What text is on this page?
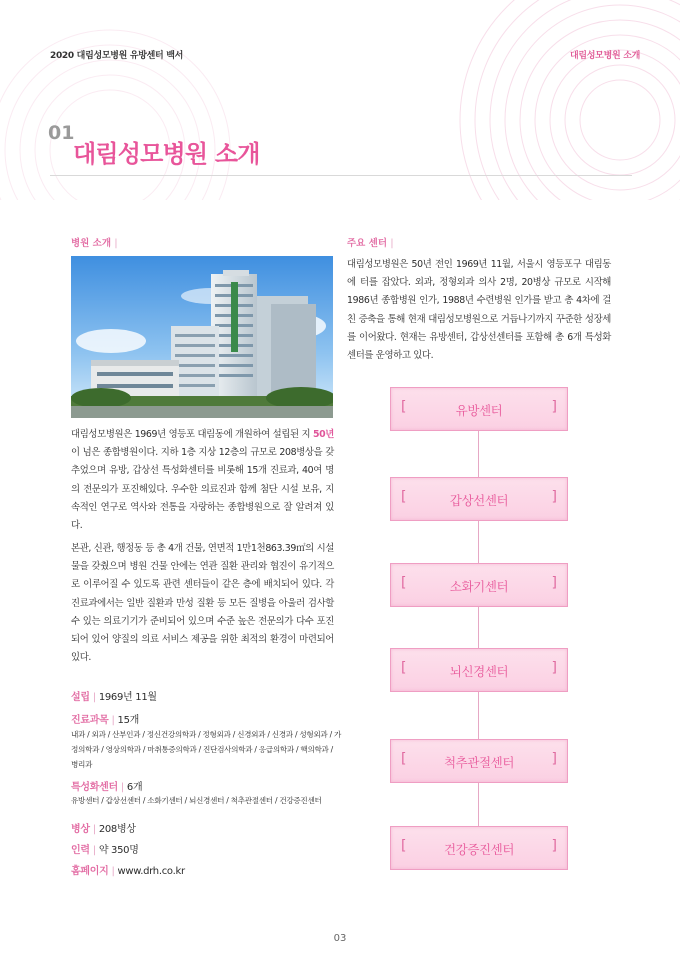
2020 대림성모병원 유방센터 백서	대림성모병원 소개
01
대림성모병원 소개
병원 소개 |
대림성모병원은 1969년 영등포 대림동에 개원하여 설립된 지 50년이 넘은 종합병원이다. 지하 1층 지상 12층의 규모로 208병상을 갖추었으며 유방, 갑상선 특성화센터를 비롯해 15개 진료과, 40여 명의 전문의가 포진해있다. 우수한 의료진과 함께 첨단 시설 보유, 지속적인 연구로 역사와 전통을 자랑하는 종합병원으로 잘 알려져 있다.
본관, 신관, 행정동 등 총 4개 건물, 연면적 1만1천863.39㎡의 시설물을 갖췄으며 병원 건물 안에는 연관 질환 관리와 협진이 유기적으로 이루어질 수 있도록 관련 센터들이 같은 층에 배치되어 있다. 각 진료과에서는 일반 질환과 만성 질환 등 모든 질병을 아울러 검사할 수 있는 의료기기가 준비되어 있으며 수준 높은 전문의가 다수 포진되어 있어 양질의 의료 서비스 제공을 위한 최적의 환경이 마련되어 있다.
설립 | 1969년 11월
진료과목 | 15개
내과 / 외과 / 산부인과 / 정신건강의학과 / 정형외과 / 신경외과 / 신경과 / 성형외과 / 가정의학과 / 영상의학과 / 마취통증의학과 / 진단검사의학과 / 응급의학과 / 핵의학과 / 병리과
특성화센터 | 6개
유방센터 / 갑상선센터 / 소화기센터 / 뇌신경센터 / 척추관절센터 / 건강증진센터
병상 | 208병상
인력 | 약 350명
홈페이지 | www.drh.co.kr
주요 센터 |
대림성모병원은 50년 전인 1969년 11월, 서울시 영등포구 대림동에 터를 잡았다. 외과, 정형외과 의사 2명, 20병상 규모로 시작해 1986년 종합병원 인가, 1988년 수련병원 인가를 받고 총 4차에 걸친 증축을 통해 현재 대림성모병원으로 거듭나기까지 꾸준한 성장세를 이어왔다. 현재는 유방센터, 갑상선센터를 포함해 총 6개 특성화센터를 운영하고 있다.
[	유방센터	]
[	갑상선센터	]
[	소화기센터	]
[	뇌신경센터	]
[	척추관절센터	]
[	건강증진센터	]
03
